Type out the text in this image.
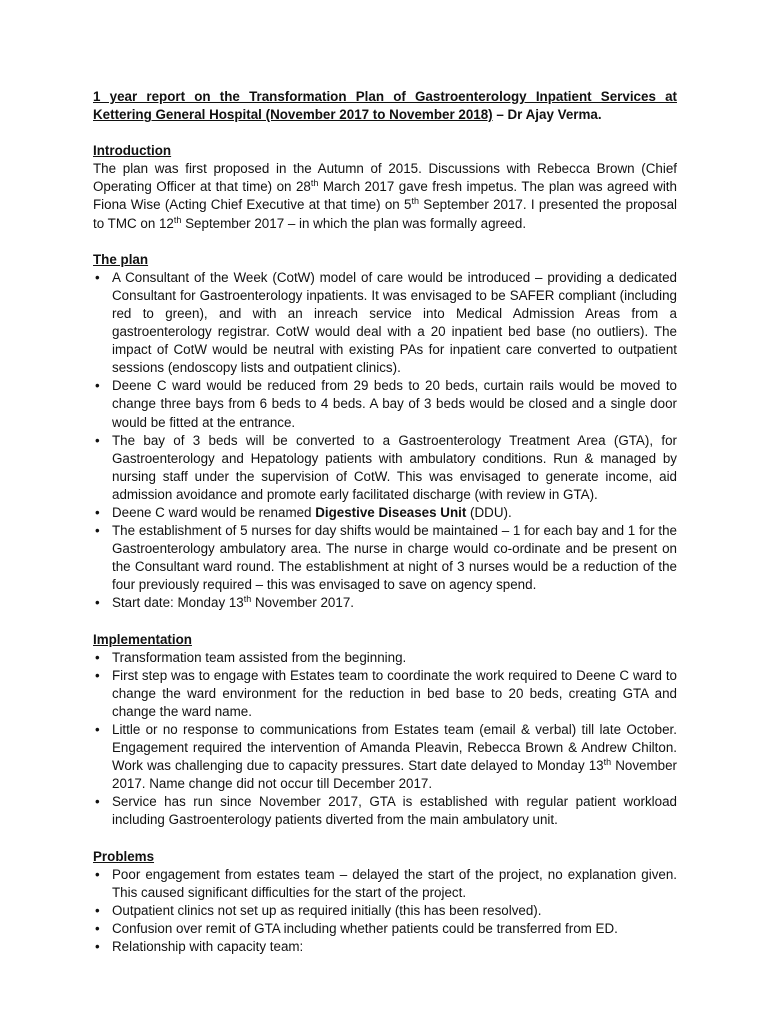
1 year report on the Transformation Plan of Gastroenterology Inpatient Services at Kettering General Hospital (November 2017 to November 2018) – Dr Ajay Verma.
Introduction

The plan was first proposed in the Autumn of 2015. Discussions with Rebecca Brown (Chief Operating Officer at that time) on 28th March 2017 gave fresh impetus. The plan was agreed with Fiona Wise (Acting Chief Executive at that time) on 5th September 2017. I presented the proposal to TMC on 12th September 2017 – in which the plan was formally agreed.

The plan
• A Consultant of the Week (CotW) model of care would be introduced – providing a dedicated Consultant for Gastroenterology inpatients. It was envisaged to be SAFER compliant (including red to green), and with an inreach service into Medical Admission Areas from a gastroenterology registrar. CotW would deal with a 20 inpatient bed base (no outliers). The impact of CotW would be neutral with existing PAs for inpatient care converted to outpatient sessions (endoscopy lists and outpatient clinics).
• Deene C ward would be reduced from 29 beds to 20 beds, curtain rails would be moved to change three bays from 6 beds to 4 beds. A bay of 3 beds would be closed and a single door would be fitted at the entrance.
• The bay of 3 beds will be converted to a Gastroenterology Treatment Area (GTA), for Gastroenterology and Hepatology patients with ambulatory conditions. Run & managed by nursing staff under the supervision of CotW. This was envisaged to generate income, aid admission avoidance and promote early facilitated discharge (with review in GTA).
• Deene C ward would be renamed Digestive Diseases Unit (DDU).
• The establishment of 5 nurses for day shifts would be maintained – 1 for each bay and 1 for the Gastroenterology ambulatory area. The nurse in charge would co-ordinate and be present on the Consultant ward round. The establishment at night of 3 nurses would be a reduction of the four previously required – this was envisaged to save on agency spend.
• Start date: Monday 13th November 2017.
Implementation
• Transformation team assisted from the beginning.
• First step was to engage with Estates team to coordinate the work required to Deene C ward to change the ward environment for the reduction in bed base to 20 beds, creating GTA and change the ward name.
• Little or no response to communications from Estates team (email & verbal) till late October. Engagement required the intervention of Amanda Pleavin, Rebecca Brown & Andrew Chilton. Work was challenging due to capacity pressures. Start date delayed to Monday 13th November 2017. Name change did not occur till December 2017.
• Service has run since November 2017, GTA is established with regular patient workload including Gastroenterology patients diverted from the main ambulatory unit.
Problems
• Poor engagement from estates team – delayed the start of the project, no explanation given. This caused significant difficulties for the start of the project.
• Outpatient clinics not set up as required initially (this has been resolved).
• Confusion over remit of GTA including whether patients could be transferred from ED.
• Relationship with capacity team:
